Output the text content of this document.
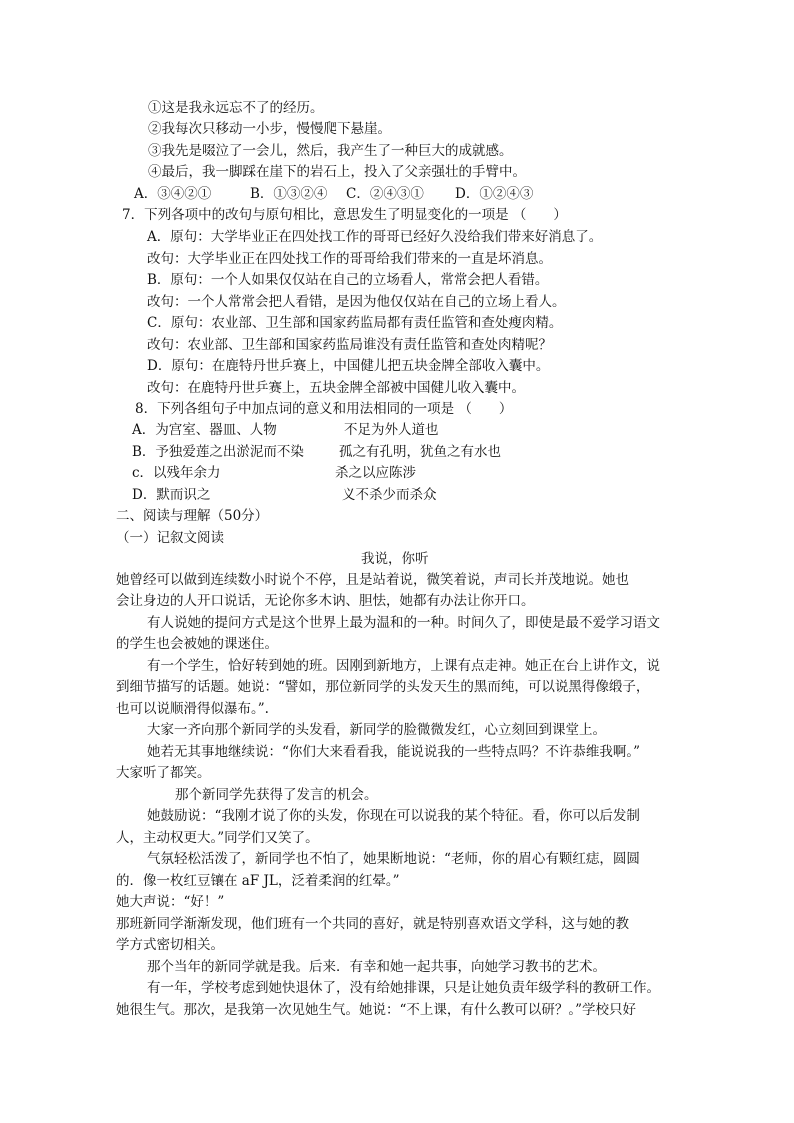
①这是我永远忘不了的经历。
②我每次只移动一小步，慢慢爬下悬崖。
③我先是啜泣了一会儿，然后，我产生了一种巨大的成就感。
④最后，我一脚踩在崖下的岩石上，投入了父亲强壮的手臂中。
A．③④②①	B．①③②④ C．②④③① D．①②④③
7．下列各项中的改句与原句相比，意思发生了明显变化的一项是 （　　）
A．原句：大学毕业正在四处找工作的哥哥已经好久没给我们带来好消息了。
改句：大学毕业正在四处找工作的哥哥给我们带来的一直是坏消息。
B．原句：一个人如果仅仅站在自己的立场看人，常常会把人看错。
改句：一个人常常会把人看错，是因为他仅仅站在自己的立场上看人。
C．原句：农业部、卫生部和国家药监局都有责任监管和查处瘦肉精。
改句：农业部、卫生部和国家药监局谁没有责任监管和查处肉精呢？
D．原句：在鹿特丹世乒赛上，中国健儿把五块金牌全部收入囊中。
改句：在鹿特丹世乒赛上，五块金牌全部被中国健儿收入囊中。
8．下列各组句子中加点词的意义和用法相同的一项是 （　　）
A．为宫室、器皿、人物	不足为外人道也
B．予独爱莲之出淤泥而不染	孤之有孔明，犹鱼之有水也
c．以残年余力	杀之以应陈涉
D．默而识之	义不杀少而杀众
二、阅读与理解（50分）
（一）记叙文阅读
我说，你听
她曾经可以做到连续数小时说个不停，且是站着说，微笑着说，声司长并茂地说。她也
会让身边的人开口说话，无论你多木讷、胆怯，她都有办法让你开口。
有人说她的提问方式是这个世界上最为温和的一种。时间久了，即使是最不爱学习语文
的学生也会被她的课迷住。
有一个学生，恰好转到她的班。因刚到新地方，上课有点走神。她正在台上讲作文，说
到细节描写的话题。她说：“譬如，那位新同学的头发天生的黑而纯，可以说黑得像缎子，
也可以说顺滑得似瀑布。”.
大家一齐向那个新同学的头发看，新同学的脸微微发红，心立刻回到课堂上。
她若无其事地继续说：“你们大来看看我，能说说我的一些特点吗？不许恭维我啊。”
大家听了都笑。
那个新同学先获得了发言的机会。
她鼓励说：“我刚才说了你的头发，你现在可以说我的某个特征。看，你可以后发制
人，主动权更大。”同学们又笑了。
气氛轻松活泼了，新同学也不怕了，她果断地说：“老师，你的眉心有颗红痣，圆圆
的．像一枚红豆镶在 aF JL，泛着柔润的红晕。”
她大声说：“好！”
那班新同学渐渐发现，他们班有一个共同的喜好，就是特别喜欢语文学科，这与她的教
学方式密切相关。
那个当年的新同学就是我。后来．有幸和她一起共事，向她学习教书的艺术。
有一年，学校考虑到她快退休了，没有给她排课，只是让她负责年级学科的教研工作。
她很生气。那次，是我第一次见她生气。她说：“不上课，有什么教可以研？。”学校只好
